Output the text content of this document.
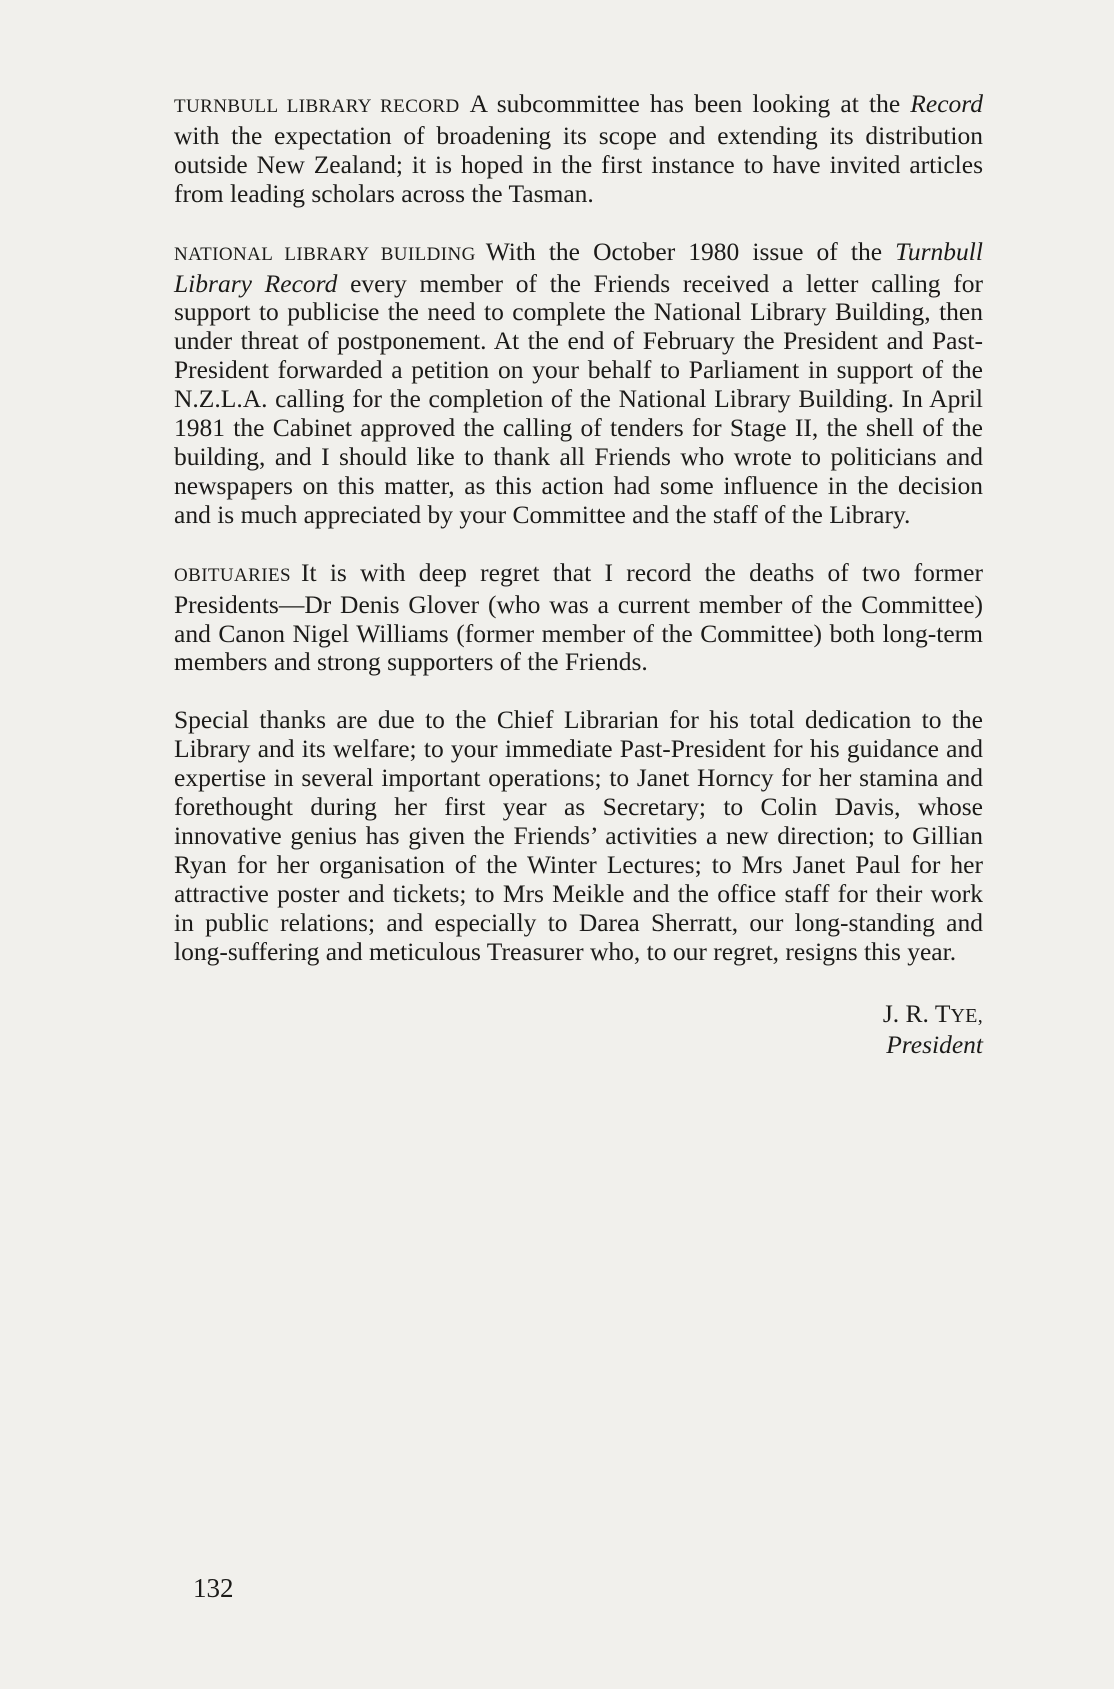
TURNBULL LIBRARY RECORD A subcommittee has been looking at the Record with the expectation of broadening its scope and extending its distribution outside New Zealand; it is hoped in the first instance to have invited articles from leading scholars across the Tasman.

NATIONAL LIBRARY BUILDING With the October 1980 issue of the Turnbull Library Record every member of the Friends received a letter calling for support to publicise the need to complete the National Library Building, then under threat of postponement. At the end of February the President and Past-President forwarded a petition on your behalf to Parliament in support of the N.Z.L.A. calling for the completion of the National Library Building. In April 1981 the Cabinet approved the calling of tenders for Stage II, the shell of the building, and I should like to thank all Friends who wrote to politicians and newspapers on this matter, as this action had some influence in the decision and is much appreciated by your Committee and the staff of the Library.

OBITUARIES It is with deep regret that I record the deaths of two former Presidents—Dr Denis Glover (who was a current member of the Committee) and Canon Nigel Williams (former member of the Committee) both long-term members and strong supporters of the Friends.

Special thanks are due to the Chief Librarian for his total dedication to the Library and its welfare; to your immediate Past-President for his guidance and expertise in several important operations; to Janet Horncy for her stamina and forethought during her first year as Secretary; to Colin Davis, whose innovative genius has given the Friends’ activities a new direction; to Gillian Ryan for her organisation of the Winter Lectures; to Mrs Janet Paul for her attractive poster and tickets; to Mrs Meikle and the office staff for their work in public relations; and especially to Darea Sherratt, our long-standing and long-suffering and meticulous Treasurer who, to our regret, resigns this year.

J. R. TYE,
President
132
